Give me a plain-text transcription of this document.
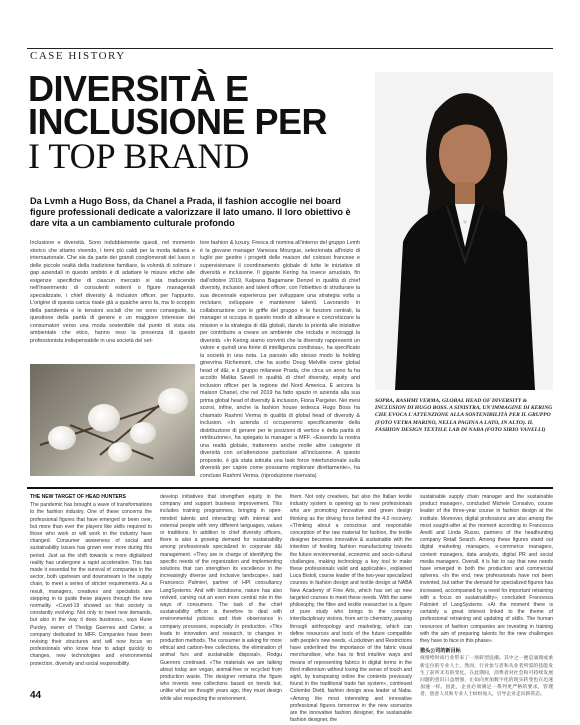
CASE HISTORY
DIVERSITÀ E
INCLUSIONE PER
I TOP BRAND
Da Lvmh a Hugo Boss, da Chanel a Prada, il fashion accoglie nei board figure professionali dedicate a valorizzare il lato umano. Il loro obiettivo è dare vita a un cambiamento culturale profondo
Inclusione e diversità. Sono indubbiamente questi, nel momento storico che stiamo vivendo, i temi più caldi per la moda italiana e internazionale. Che sia da parte dei grandi conglomerati del lusso o delle piccole realtà della tradizione familiare, la volontà di colmare i gap aziendali in questo ambito è di adattare le misure etiche alle esigenze specifiche di ciascun mercato si sta traducendo nell'inserimento di consulenti esterni o figure manageriali specializzate, i chief diversity & inclusion officer, per l'appunto. L'origine di questa carica risale già a qualche anno fa, ma lo scoppio della pandemia e le tensioni sociali che ne sono conseguite, la questione della parità di genere e un maggiore interesse dei consumatori verso una moda sostenibile dal punto di vista sia ambientale che etico, hanno reso la presenza di questo professionista indispensabile in una società del set-
tore fashion & luxury. Fresca di nomina all'interno del gruppo Lvmh è la giovane manager Vanessa Mourgue, selezionata all'inizio di luglio per gestire i progetti delle maison del colosso francese e supervisionare il coordinamento globale di tutte le iniziative di diversità e inclusione. Il gigante Kering ha invece arruolato, fin dall'ottobre 2019, Kalpana Bagamane Denzel in qualità di chief diversity, inclusion and talent officer, con l'obiettivo di strutturare la sua decennale esperienza per sviluppare una strategia volta a reclutare, sviluppare e mantenere talenti. Lavorando in collaborazione con le griffe del gruppo e le funzioni centrali, la manager si occupa in questo modo di allineare e concretizzare la mission e la strategia di d&i globali, dando la priorità alle iniziative per contribuire a creare un ambiente che includa e incoraggi la diversità. «In Kering siamo convinti che la diversity rappresenti un valore e quindi una fonte di intelligenza condivisa», ha specificato la società in una nota. La parsalo allo stesso modo la holding ginevrina Richemont, che ha scelto Doug Melville come global head of d&i, e il gruppo milanese Prada, che circa un anno fa ha accolto Malika Savell in qualità di chief diversity, equity and inclusion officer per la regione del Nord America. È ancora la maison Chanel, che nel 2019 ha fatto spazio in azienda alla sua prima global head of diversity & inclusion, Fiona Pargeter. Nei mesi scorsi, infine, anche la fashion house tedesca Hugo Boss ha chiamato Rashmi Verma in qualità di global head of diversity & inclusion. «In azienda ci occuperemo specificamente della distribuzione di genere per le posizioni di vertice e della parità di retribuzione», ha spiegato la manager a MFF. «Essendo la nostra una realtà globale, tratteremo anche molte altre categorie di diversità con un'attenzione particolare all'inclusione. A questo proposito, è già stata istituita una task force interfunzionale sulla diversità per capire come possiamo migliorare direttamente», ha concluso Rashmi Verma. (riproduzione riservata)
SOPRA, RASHMI VERMA, GLOBAL HEAD OF DIVERSITY & INCLUSION DI HUGO BOSS. A SINISTRA, UN'IMMAGINE DI KERING CHE EVOCA L'ATTENZIONE ALLA SOSTENIBILITÀ PER IL GRUPPO (FOTO VETRA MARINO, NELLA PAGINA A LATO, IN ALTO). IL FASHION DESIGN TEXTILE LAB DI NABA (FOTO SIRIO VANELLI)
THE NEW TARGET OF HEAD HUNTERS
The pandemic has brought a wave of transformations to the fashion industry. One of these concerns the professional figures that have emerged or been over, but more than ever the players like skills required to those who work or will work in the industry have changed. Consumer awareness of social and sustainability issues has grown ever more during this period. Just as the shift towards a more digitalized reality has undergone a rapid acceleration. This has made it essential for the survival of companies in the sector, both upstream and downstream in the supply chain, to meet a series of stricter requirements. As a result, managers, creatives and specialists are stepping in to guide these players through the new normality. «Covid-19 showed us that society is constantly evolving. Not only to meet new demands, but also in the way it does business», says Hune Purdey, owner of Thedgy Guernes and Carter, a company dedicated to MFF. Companies have been revising their structures and will now focus on professionals who know how to adapt quickly to changes, new technologies and environmental protection, diversity and social responsibility.
develop initiatives that strengthen equity in the company and support business improvement. This includes training programmes, bringing in open-minded talents and interacting with internal and external people with very different languages, values or traditions. In addition to chief diversity officers, there is also a growing demand for sustainability among professionals specialized in corporate d&i management. «They are in charge of identifying the specific needs of the organization and implementing solutions that can strengthen its excellence in the increasingly diverse and inclusive landscape», said Francesco Palmieri, partner of HPI consultancy LangSystems. And with lockdowns, nature has also revived, carving out an even more central role in the ways of consumers. The task of the chief sustainability officer is therefore to deal with environmental policies and their observance in company processes, especially in production. «This leads to innovation and research, to changes in production methods. The consumer is asking for more ethical and carbon-free collections, the elimination of animal furs and sustainable disposal», Rodgu Guerrero continued. «The materials we are talking about today are vegan, animal-free or recycled from production waste. The designer remains the figure who invents new collections based on trends but, unlike what we thought years ago, they must design while also respecting the environment.
them. Not only creatives, but also the Italian textile industry system is opening up to new professionals who are promoting innovative and green design thinking as the driving force behind the 4.0 recovery. «Thinking about a conscious and responsible conception of the raw material for fashion, the textile designer becomes innovative & sustainable with the intention of feeding fashion manufacturing towards the future environmental, economic and socio-cultural challenges, making technology a key tool to make these professionals valid and applicable», explained Luca Bistoli, course leader of the two-year specialized courses in fashion design and textile design at NABA New Academy of Fine Arts, which has set up new targeted courses to meet these needs. With the same philosophy, the fibre and textile researcher is a figure of pure study who brings to the company interdisciplinary visions, from art to chemistry, passing through anthropology and marketing, which can define resources and tools of the future compatible with people's new needs. «Lockdown and Restrictions have underlined the importance of the fabric visual merchandiser, who has to find intuitive ways and means of representing fabrics in digital terms in the third millennium without losing the sense of touch and sight, by transposing online the contents previously found in the traditional trade fair system», continued Colombo Dietti, fashion design area leader at Naba. «Among the most interesting and innovative professional figures tomorrow in the new scenarios are the innovative fashion designer, the sustainable fashion designer, the
sustainable supply chain manager and the sustainable product manager», concluded Michele Consalvo, course leader of the three-year course in fashion design at the institute. Moreover, digital professions are also among the most sought-after at the moment according to Francesca Anelli and Linda Russo, partners of the headhunting company Retail Search. Among these figures stand out digital marketing managers, e-commerce managers, content managers, data analysts, digital PR and social media managers. Overall, it is fair to say that new needs have emerged in both the production and commercial spheres. «In the end, new professionals have not been invented, but rather the demand for specialized figures has increased, accompanied by a need for important retraining with a focus on sustainability», concluded Francesca Palmieri of LangSystems. «At the moment there is certainly a great interest linked to the theme of professional retraining and updating of skills. The human resources of fashion companies are investing in training with the aim of preparing talents for the new challenges they have to face in this phase».
猎头公司的新目标
疫情给时尚行业带来了一场转型浪潮。其中之一便是涌现或重新定位的专业人士。然而，行业参与者和从业者所需的技能发生了前所未有的变化。在此期间，消费者对社会和可持续发展问题的意识日益增强，正如向更加数字化的现实转变也在迅速加速一样。因此，企业必须满足一系列更严格的要求，管理者、创意人员和专业人士纷纷加入，引导企业走向新常态。
44
